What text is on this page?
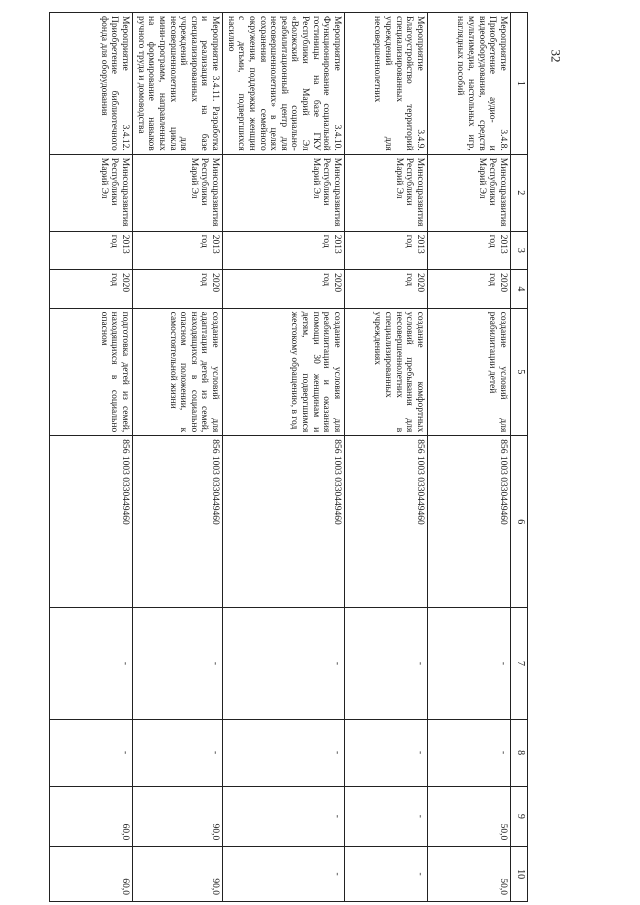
32
1	2	3	4	5	6	7	8	9	10
Мероприятие 3.4.8. Приобретение аудио- и видеооборудования, средств мультимедиа, настольных игр, наглядных пособий	Минсоцразвития Республики Марий Эл	2013 год	2020 год	создание условий для реабилитации детей	856 1003 0330449460	-	-	50,0	50,0
Мероприятие 3.4.9. Благоустройство территорий специализированных учреждений для несовершеннолетних	Минсоцразвития Республики Марий Эл	2013 год	2020 год	создание комфортных условий пребывания для несовершеннолетних в специализированных учреждениях	856 1003 0330449460	-	-	-	-
Мероприятие 3.4.10. Функционирование социальной гостиницы на базе ГКУ Республики Марий Эл «Волжский социально-реабилитационный центр для несовершеннолетних» в целях сохранения семейного окружения, поддержки женщин с детьми, подвергшихся насилию	Минсоцразвития Республики Марий Эл	2013 год	2020 год	создание условия для реабилитации и оказания помощи 30 женщинам и детям, подвергшимся жестокому обращению, в год	856 1003 0330449460	-	-	-	-
Мероприятие 3.4.11. Разработка и реализация на базе специализированных учреждений для несовершеннолетних цикла мини-программ, направленных на формирование навыков ручного труда и домоводства	Минсоцразвития Республики Марий Эл	2013 год	2020 год	создание условий для адаптации детей из семей, находящихся в социально опасном положении, к самостоятельной жизни	856 1003 0330449460	-	-	90,0	90,0
Мероприятие 3.4.12. Приобретение библиотечного фонда для оборудования	Минсоцразвития Республики Марий Эл	2013 год	2020 год	подготовка детей из семей, находящихся в социально опасном	856 1003 0330449460	-	-	60,0	60,0
